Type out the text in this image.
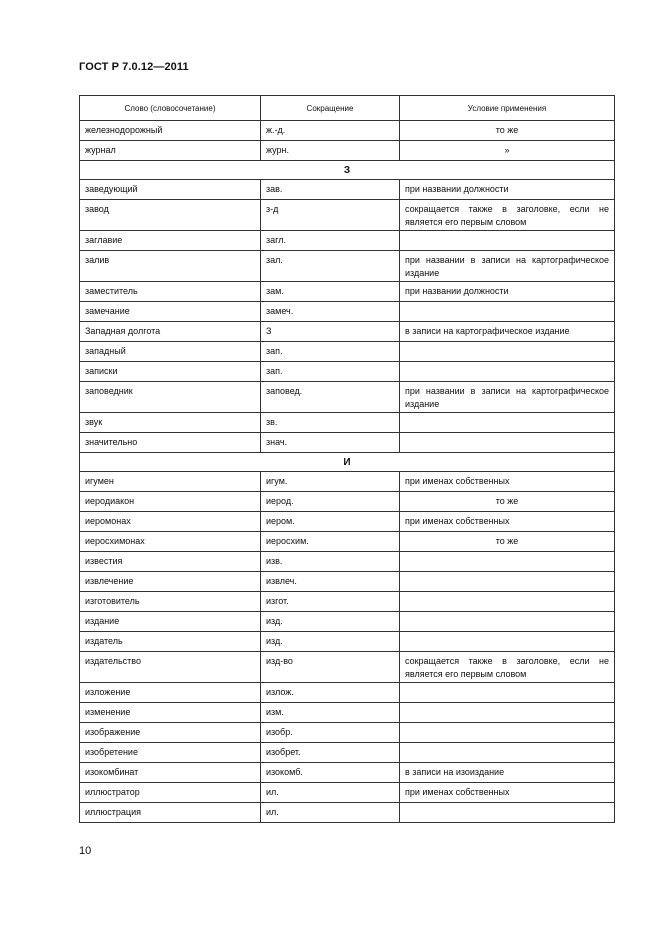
ГОСТ Р 7.0.12—2011
Слово (словосочетание)	Сокращение	Условие применения
железнодорожный	ж.-д.	то же
журнал	журн.	»
З		
заведующий	зав.	при названии должности
завод	з-д	сокращается также в заголовке, если не является его первым словом
заглавие	загл.	
залив	зал.	при названии в записи на картографическое издание
заместитель	зам.	при названии должности
замечание	замеч.	
Западная долгота	З	в записи на картографическое издание
западный	зап.	
записки	зап.	
заповедник	заповед.	при названии в записи на картографическое издание
звук	зв.	
значительно	знач.	
И		
игумен	игум.	при именах собственных
иеродиакон	иерод.	то же
иеромонах	иером.	при именах собственных
иеросхимонах	иеросхим.	то же
известия	изв.	
извлечение	извлеч.	
изготовитель	изгот.	
издание	изд.	
издатель	изд.	
издательство	изд-во	сокращается также в заголовке, если не является его первым словом
изложение	излож.	
изменение	изм.	
изображение	изобр.	
изобретение	изобрет.	
изокомбинат	изокомб.	в записи на изоиздание
иллюстратор	ил.	при именах собственных
иллюстрация	ил.	
10
